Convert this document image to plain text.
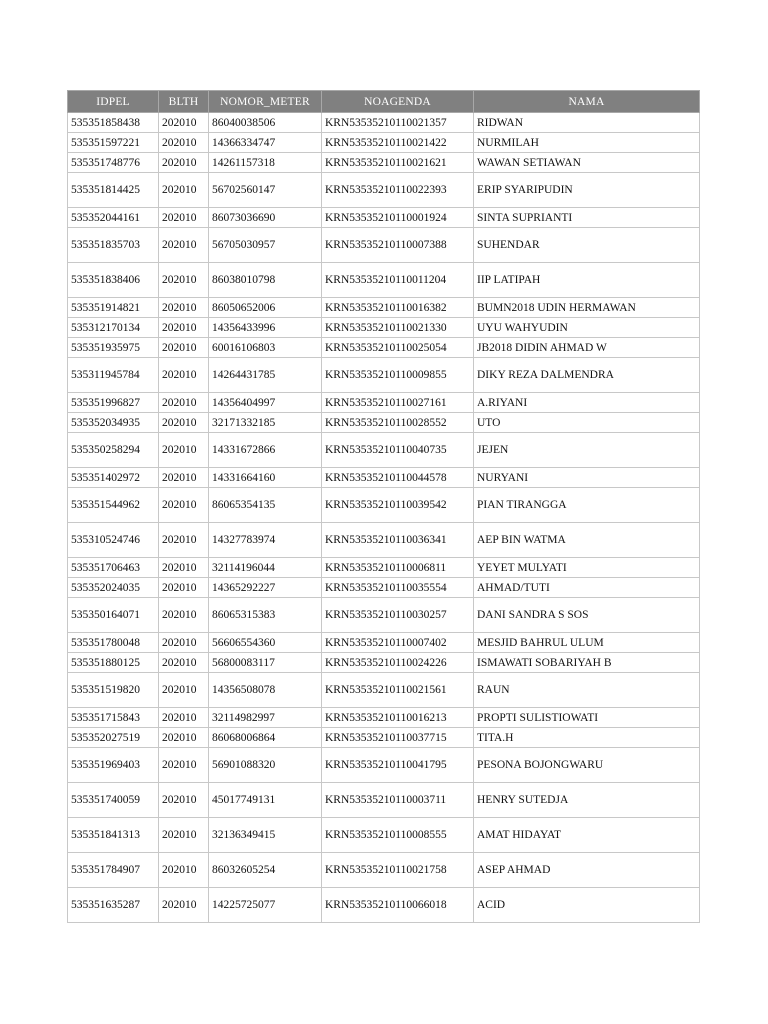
IDPEL	BLTH	NOMOR_METER	NOAGENDA	NAMA
535351858438	202010	86040038506	KRN53535210110021357	RIDWAN
535351597221	202010	14366334747	KRN53535210110021422	NURMILAH
535351748776	202010	14261157318	KRN53535210110021621	WAWAN SETIAWAN
535351814425	202010	56702560147	KRN53535210110022393	ERIP SYARIPUDIN
535352044161	202010	86073036690	KRN53535210110001924	SINTA SUPRIANTI
535351835703	202010	56705030957	KRN53535210110007388	SUHENDAR
535351838406	202010	86038010798	KRN53535210110011204	IIP LATIPAH
535351914821	202010	86050652006	KRN53535210110016382	BUMN2018 UDIN HERMAWAN
535312170134	202010	14356433996	KRN53535210110021330	UYU WAHYUDIN
535351935975	202010	60016106803	KRN53535210110025054	JB2018 DIDIN AHMAD W
535311945784	202010	14264431785	KRN53535210110009855	DIKY REZA DALMENDRA
535351996827	202010	14356404997	KRN53535210110027161	A.RIYANI
535352034935	202010	32171332185	KRN53535210110028552	UTO
535350258294	202010	14331672866	KRN53535210110040735	JEJEN
535351402972	202010	14331664160	KRN53535210110044578	NURYANI
535351544962	202010	86065354135	KRN53535210110039542	PIAN TIRANGGA
535310524746	202010	14327783974	KRN53535210110036341	AEP BIN WATMA
535351706463	202010	32114196044	KRN53535210110006811	YEYET MULYATI
535352024035	202010	14365292227	KRN53535210110035554	AHMAD/TUTI
535350164071	202010	86065315383	KRN53535210110030257	DANI SANDRA S SOS
535351780048	202010	56606554360	KRN53535210110007402	MESJID BAHRUL ULUM
535351880125	202010	56800083117	KRN53535210110024226	ISMAWATI SOBARIYAH B
535351519820	202010	14356508078	KRN53535210110021561	RAUN
535351715843	202010	32114982997	KRN53535210110016213	PROPTI SULISTIOWATI
535352027519	202010	86068006864	KRN53535210110037715	TITA.H
535351969403	202010	56901088320	KRN53535210110041795	PESONA BOJONGWARU
535351740059	202010	45017749131	KRN53535210110003711	HENRY SUTEDJA
535351841313	202010	32136349415	KRN53535210110008555	AMAT HIDAYAT
535351784907	202010	86032605254	KRN53535210110021758	ASEP AHMAD
535351635287	202010	14225725077	KRN53535210110066018	ACID
